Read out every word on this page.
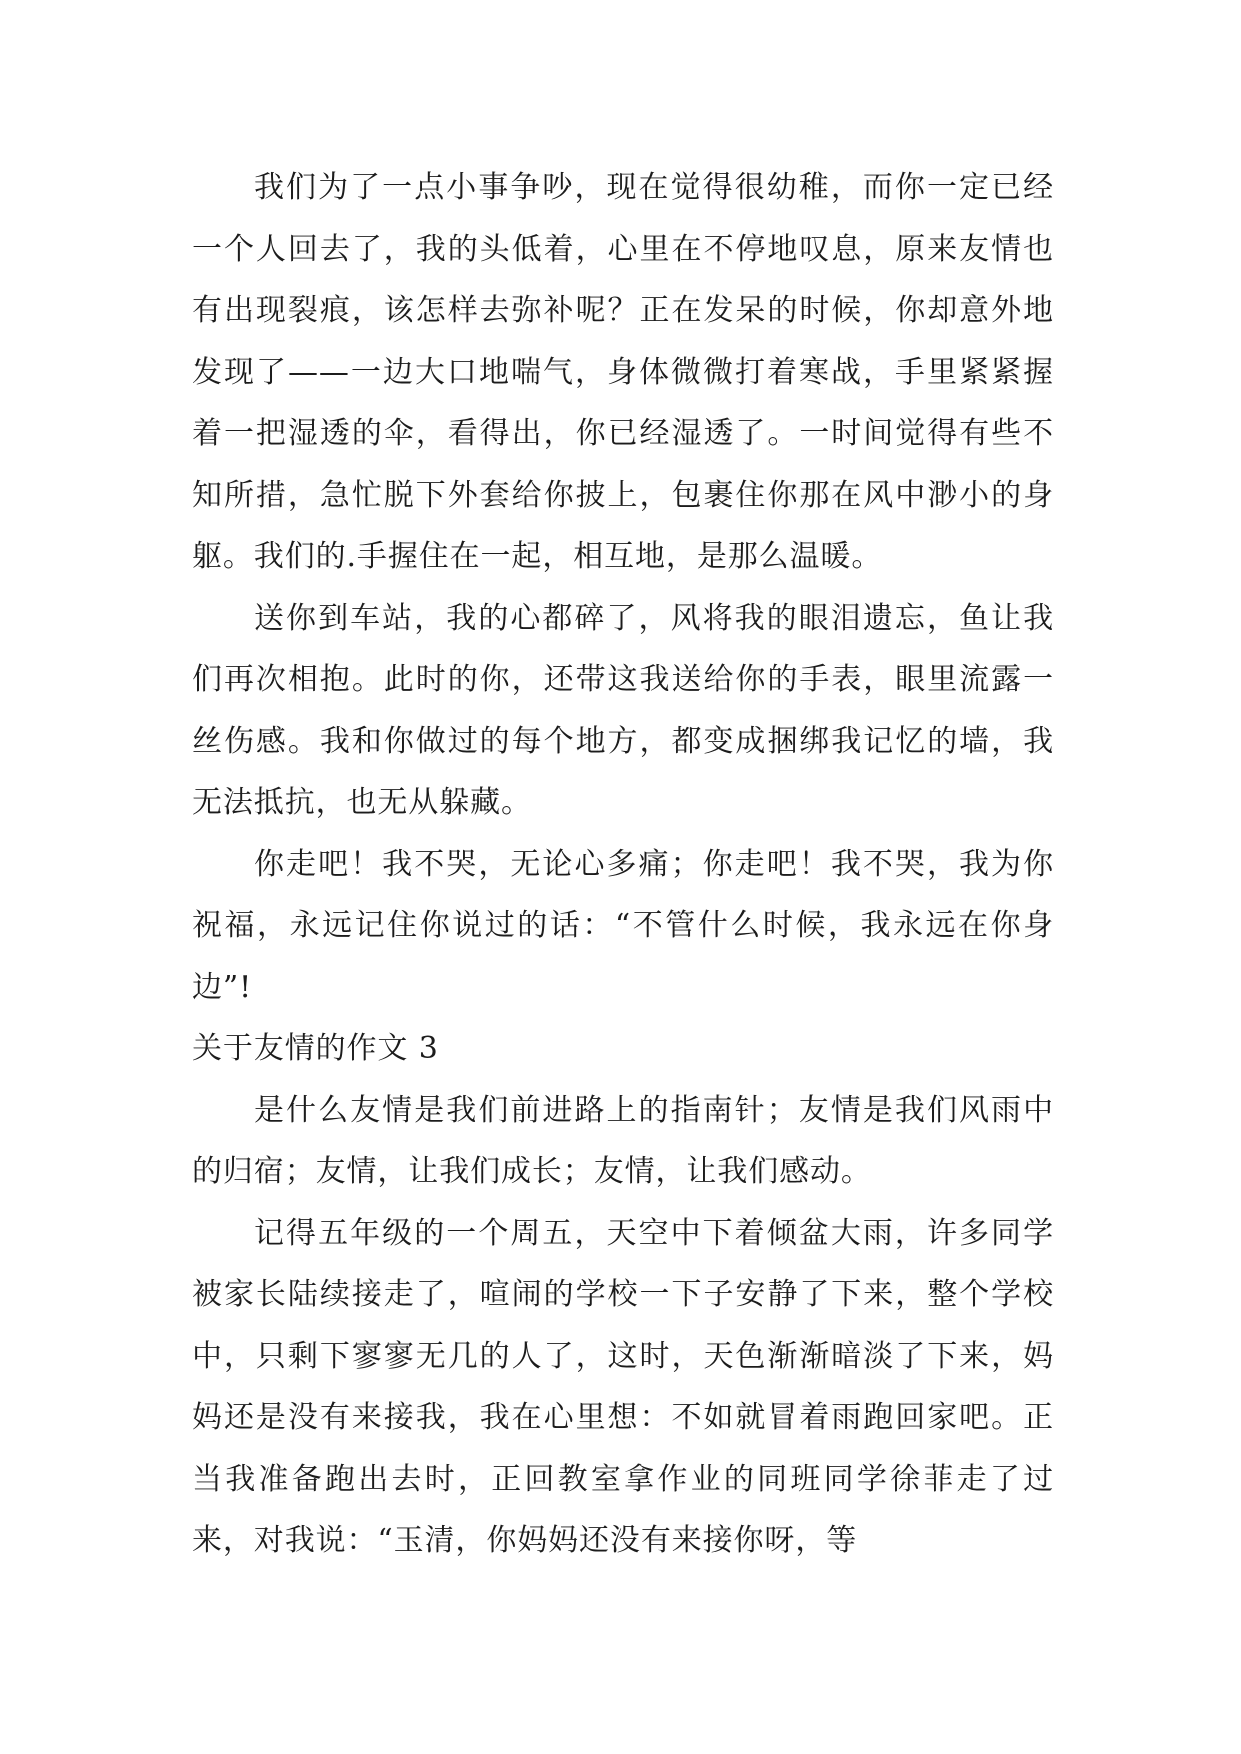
我们为了一点小事争吵，现在觉得很幼稚，而你一定已经一个人回去了，我的头低着，心里在不停地叹息，原来友情也有出现裂痕，该怎样去弥补呢？正在发呆的时候，你却意外地发现了——一边大口地喘气，身体微微打着寒战，手里紧紧握着一把湿透的伞，看得出，你已经湿透了。一时间觉得有些不知所措，急忙脱下外套给你披上，包裹住你那在风中渺小的身躯。我们的.手握住在一起，相互地，是那么温暖。

送你到车站，我的心都碎了，风将我的眼泪遗忘，鱼让我们再次相抱。此时的你，还带这我送给你的手表，眼里流露一丝伤感。我和你做过的每个地方，都变成捆绑我记忆的墙，我无法抵抗，也无从躲藏。

你走吧！我不哭，无论心多痛；你走吧！我不哭，我为你祝福，永远记住你说过的话：“不管什么时候，我永远在你身边”!

关于友情的作文 3

是什么友情是我们前进路上的指南针；友情是我们风雨中的归宿；友情，让我们成长；友情，让我们感动。

记得五年级的一个周五，天空中下着倾盆大雨，许多同学被家长陆续接走了，喧闹的学校一下子安静了下来，整个学校中，只剩下寥寥无几的人了，这时，天色渐渐暗淡了下来，妈妈还是没有来接我，我在心里想：不如就冒着雨跑回家吧。正当我准备跑出去时，正回教室拿作业的同班同学徐菲走了过来，对我说：“玉清，你妈妈还没有来接你呀，等
